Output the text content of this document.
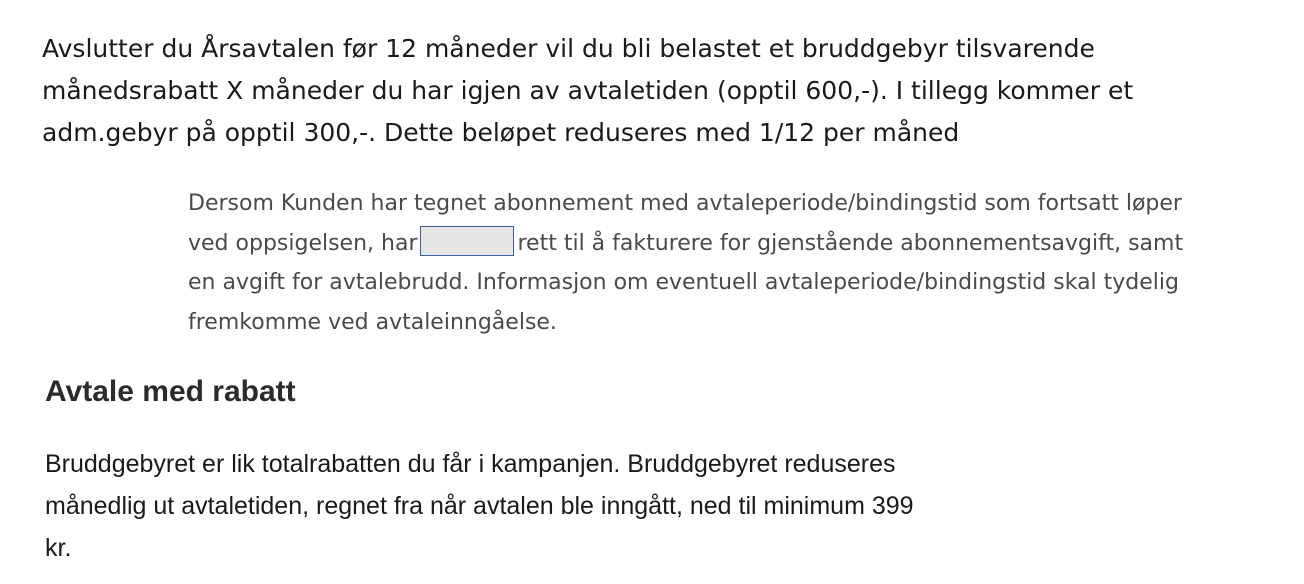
Avslutter du Årsavtalen før 12 måneder vil du bli belastet et bruddgebyr tilsvarende
månedsrabatt X måneder du har igjen av avtaletiden (opptil 600,-). I tillegg kommer et
adm.gebyr på opptil 300,-. Dette beløpet reduseres med 1/12 per måned

Dersom Kunden har tegnet abonnement med avtaleperiode/bindingstid som fortsatt løper
ved oppsigelsen, har	rett til å fakturere for gjenstående abonnementsavgift, samt
en avgift for avtalebrudd. Informasjon om eventuell avtaleperiode/bindingstid skal tydelig
fremkomme ved avtaleinngåelse.
Avtale med rabatt

Bruddgebyret er lik totalrabatten du får i kampanjen. Bruddgebyret reduseres
månedlig ut avtaletiden, regnet fra når avtalen ble inngått, ned til minimum 399
kr.
